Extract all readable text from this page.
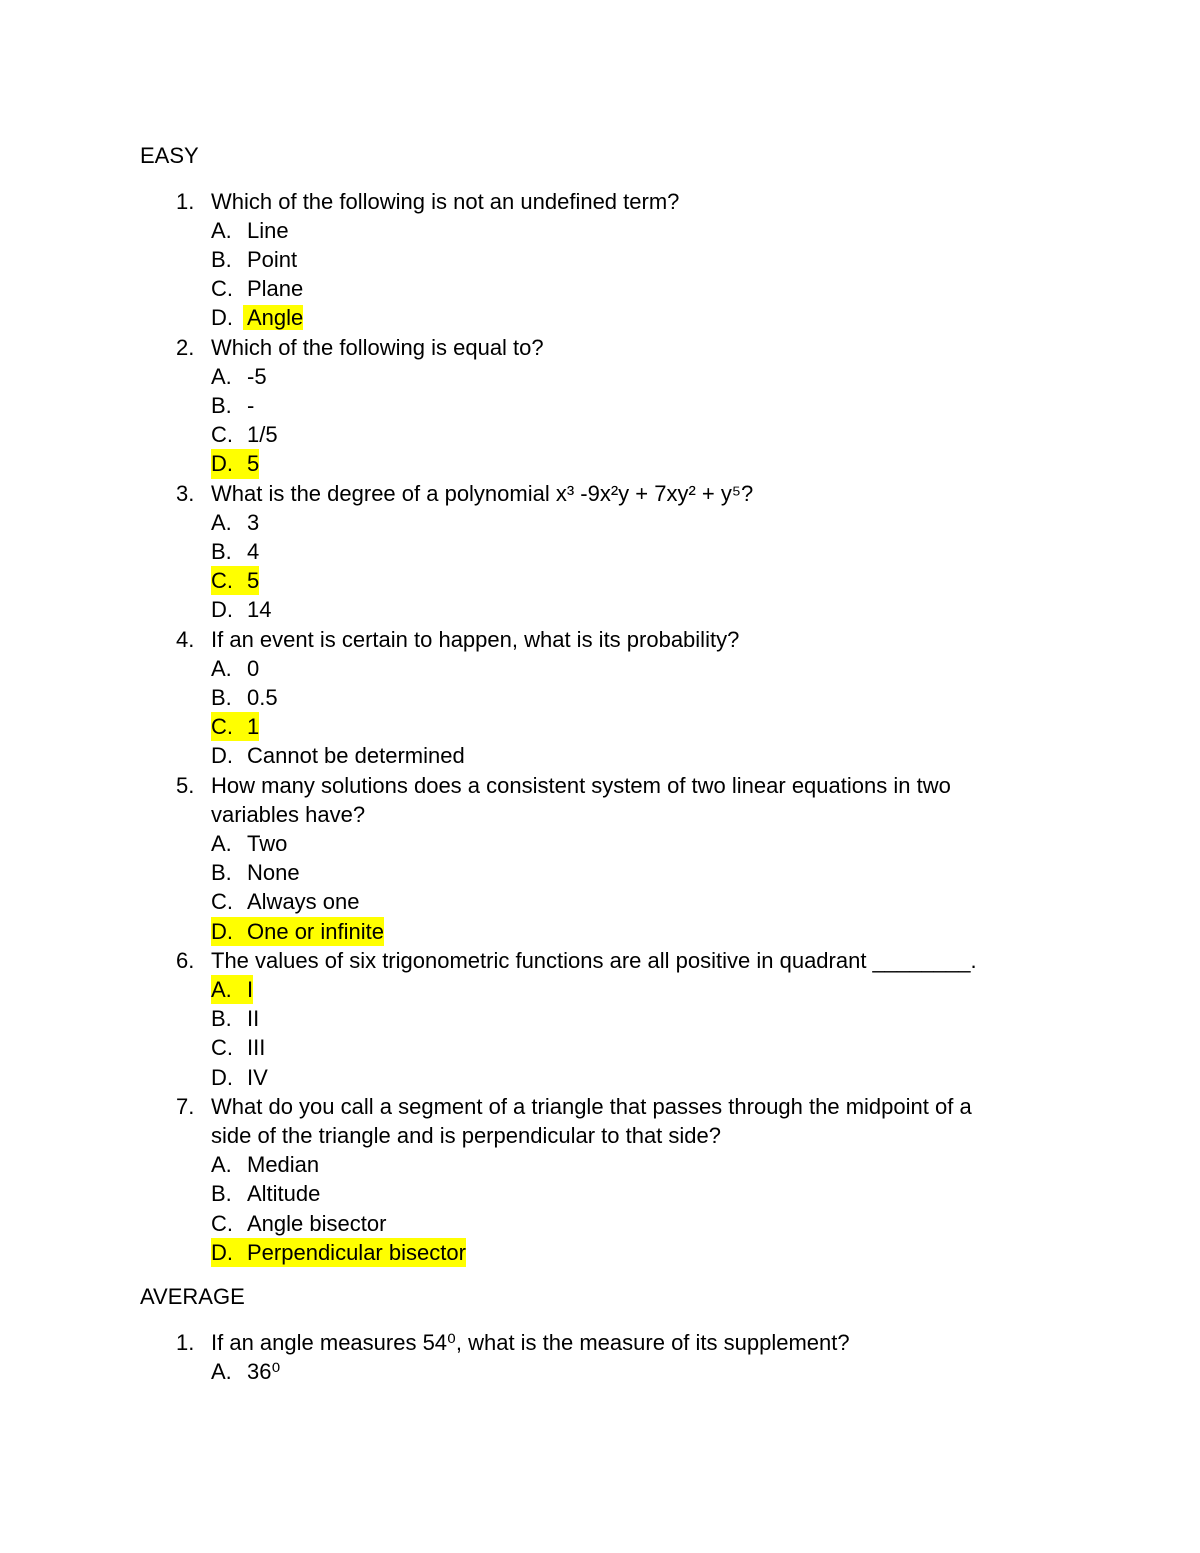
EASY
1. Which of the following is not an undefined term?
A. Line
B. Point
C. Plane
D. Angle
2. Which of the following is equal to?
A. -5
B. -
C. 1/5
D. 5
3. What is the degree of a polynomial x³ -9x²y + 7xy² + y⁵?
A. 3
B. 4
C. 5
D. 14
4. If an event is certain to happen, what is its probability?
A. 0
B. 0.5
C. 1
D. Cannot be determined
5. How many solutions does a consistent system of two linear equations in two
variables have?
A. Two
B. None
C. Always one
D. One or infinite
6. The values of six trigonometric functions are all positive in quadrant ________.
A. I
B. II
C. III
D. IV
7. What do you call a segment of a triangle that passes through the midpoint of a
side of the triangle and is perpendicular to that side?
A. Median
B. Altitude
C. Angle bisector
D. Perpendicular bisector
AVERAGE
1. If an angle measures 54⁰, what is the measure of its supplement?
A. 36⁰
